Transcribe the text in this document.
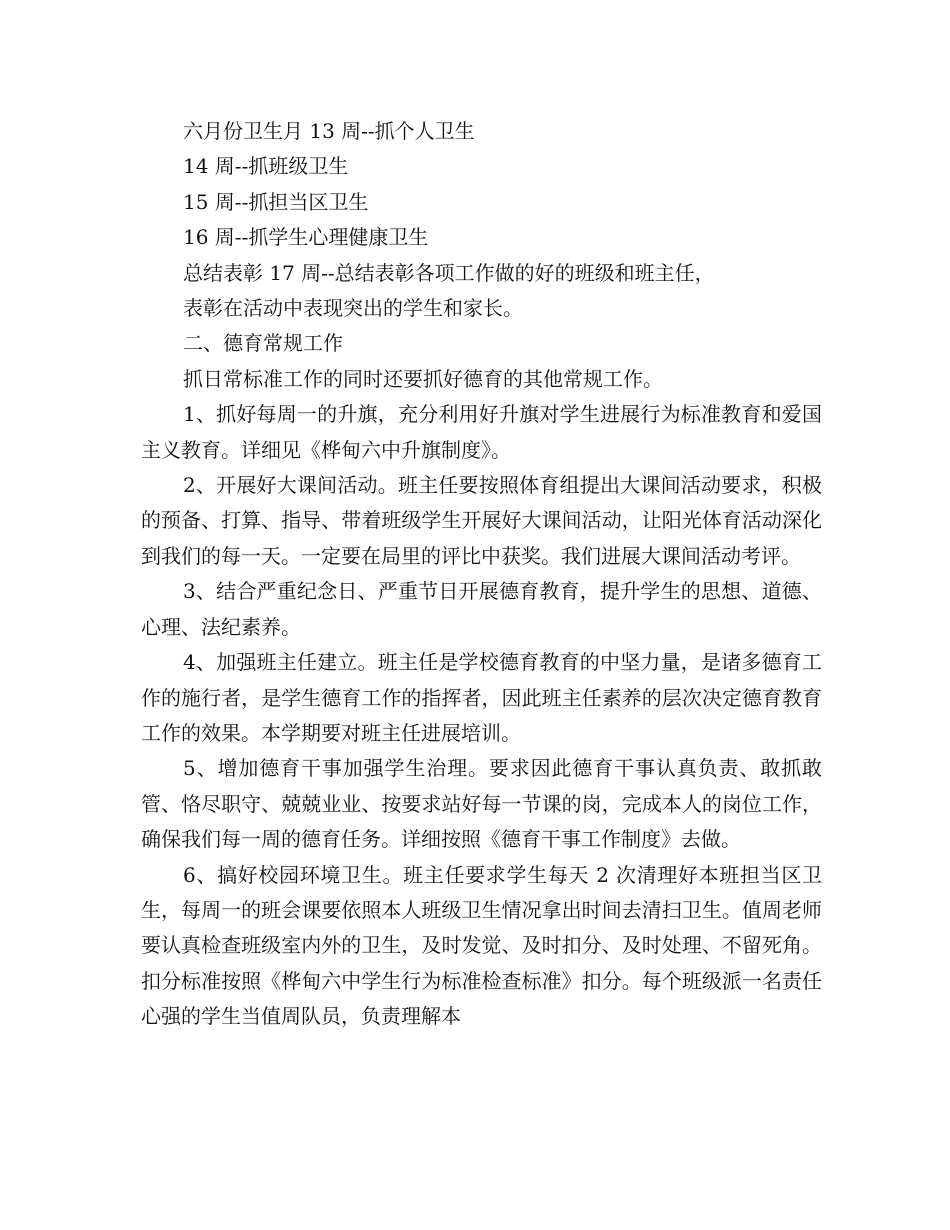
六月份卫生月 13 周--抓个人卫生

14 周--抓班级卫生

15 周--抓担当区卫生

16 周--抓学生心理健康卫生

总结表彰 17 周--总结表彰各项工作做的好的班级和班主任，

表彰在活动中表现突出的学生和家长。

二、德育常规工作

抓日常标准工作的同时还要抓好德育的其他常规工作。

1、抓好每周一的升旗，充分利用好升旗对学生进展行为标准教育和爱国主义教育。详细见《桦甸六中升旗制度》。

2、开展好大课间活动。班主任要按照体育组提出大课间活动要求，积极的预备、打算、指导、带着班级学生开展好大课间活动，让阳光体育活动深化到我们的每一天。一定要在局里的评比中获奖。我们进展大课间活动考评。

3、结合严重纪念日、严重节日开展德育教育，提升学生的思想、道德、心理、法纪素养。

4、加强班主任建立。班主任是学校德育教育的中坚力量，是诸多德育工作的施行者，是学生德育工作的指挥者，因此班主任素养的层次决定德育教育工作的效果。本学期要对班主任进展培训。

5、增加德育干事加强学生治理。要求因此德育干事认真负责、敢抓敢管、恪尽职守、兢兢业业、按要求站好每一节课的岗，完成本人的岗位工作，确保我们每一周的德育任务。详细按照《德育干事工作制度》去做。

6、搞好校园环境卫生。班主任要求学生每天 2 次清理好本班担当区卫生，每周一的班会课要依照本人班级卫生情况拿出时间去清扫卫生。值周老师要认真检查班级室内外的卫生，及时发觉、及时扣分、及时处理、不留死角。扣分标准按照《桦甸六中学生行为标准检查标准》扣分。每个班级派一名责任心强的学生当值周队员，负责理解本
